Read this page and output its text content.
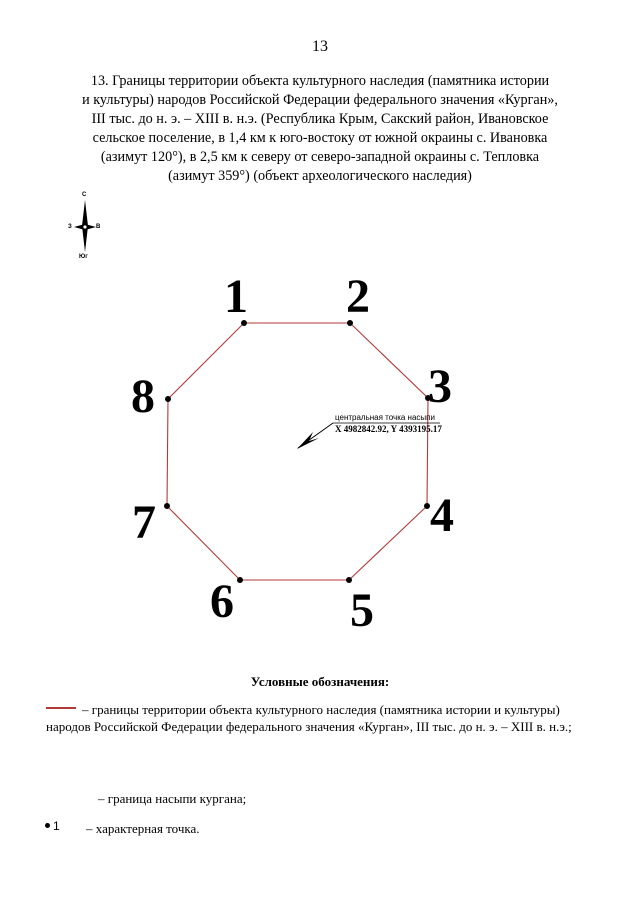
13
13. Границы территории объекта культурного наследия (памятника истории
и культуры) народов Российской Федерации федерального значения «Курган»,
III тыс. до н. э. – XIII в. н.э. (Республика Крым, Сакский район, Ивановское
сельское поселение, в 1,4 км к юго-востоку от южной окраины с. Ивановка
(азимут 120°), в 2,5 км к северу от северо-западной окраины с. Тепловка
(азимут 359°) (объект археологического наследия)
С
З	В
Юг
1 2
3
4
5
6
7
8	центральная точка насыпи
X 4982842.92, Y 4393195.17
Условные обозначения:
– границы территории объекта культурного наследия (памятника истории и культуры)
народов Российской Федерации федерального значения «Курган», III тыс. до н. э. – XIII в. н.э.;
– граница насыпи кургана;
1 – характерная точка.
